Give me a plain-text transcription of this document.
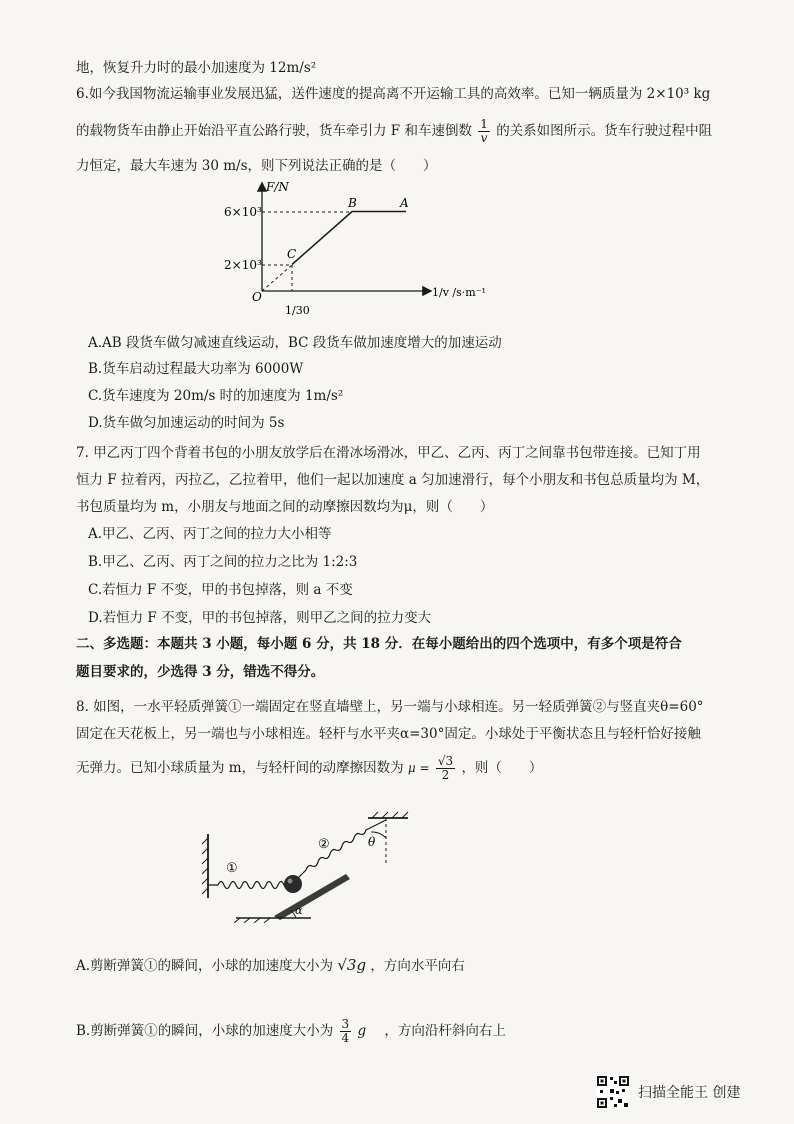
地，恢复升力时的最小加速度为 12m/s²
6.如今我国物流运输事业发展迅猛，送件速度的提高离不开运输工具的高效率。已知一辆质量为 2×10³ kg
的载物货车由静止开始沿平直公路行驶，货车牵引力 F 和车速倒数 $\frac{1}{v}$ 的关系如图所示。货车行驶过程中阻
力恒定，最大车速为 30 m/s，则下列说法正确的是（　　）
F/N
6×10³
2×10³
O
B	A
C
1/30
1/v /s·m⁻¹
A.AB 段货车做匀减速直线运动，BC 段货车做加速度增大的加速运动
B.货车启动过程最大功率为 6000W
C.货车速度为 20m/s 时的加速度为 1m/s²
D.货车做匀加速运动的时间为 5s
7. 甲乙丙丁四个背着书包的小朋友放学后在滑冰场滑冰，甲乙、乙丙、丙丁之间靠书包带连接。已知丁用
恒力 F 拉着丙，丙拉乙，乙拉着甲，他们一起以加速度 a 匀加速滑行，每个小朋友和书包总质量均为 M，
书包质量均为 m，小朋友与地面之间的动摩擦因数均为μ，则（　　）
A.甲乙、乙丙、丙丁之间的拉力大小相等
B.甲乙、乙丙、丙丁之间的拉力之比为 1:2:3
C.若恒力 F 不变，甲的书包掉落，则 a 不变
D.若恒力 F 不变，甲的书包掉落，则甲乙之间的拉力变大
二、多选题：本题共 3 小题，每小题 6 分，共 18 分．在每小题给出的四个选项中，有多个项是符合
题目要求的，少选得 3 分，错选不得分。
8. 如图，一水平轻质弹簧①一端固定在竖直墙壁上，另一端与小球相连。另一轻质弹簧②与竖直夹θ=60°
固定在天花板上，另一端也与小球相连。轻杆与水平夹α=30°固定。小球处于平衡状态且与轻杆恰好接触
无弹力。已知小球质量为 m，与轻杆间的动摩擦因数为 $\mu = \frac{√3}{2}$ ，则（　　）
①
②	θ
α
A.剪断弹簧①的瞬间，小球的加速度大小为 √3g ，方向水平向右
B.剪断弹簧①的瞬间，小球的加速度大小为 $\frac{3}{4}$ g ，方向沿杆斜向右上
扫描全能王 创建
